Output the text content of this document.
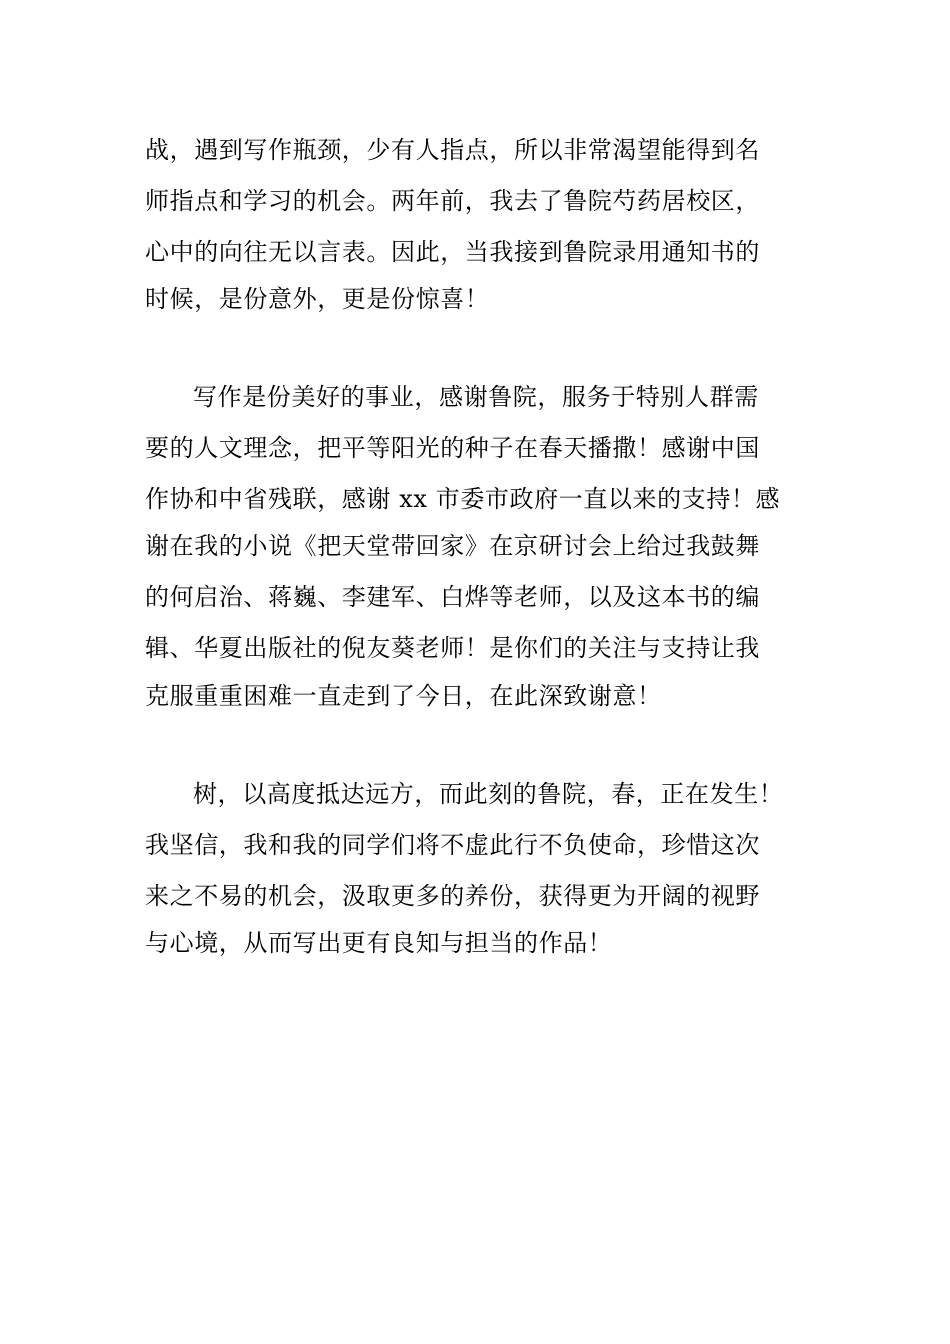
战，遇到写作瓶颈，少有人指点，所以非常渴望能得到名
师指点和学习的机会。两年前，我去了鲁院芍药居校区，
心中的向往无以言表。因此，当我接到鲁院录用通知书的
时候，是份意外，更是份惊喜！
写作是份美好的事业，感谢鲁院，服务于特别人群需
要的人文理念，把平等阳光的种子在春天播撒！感谢中国
作协和中省残联，感谢 xx 市委市政府一直以来的支持！感
谢在我的小说《把天堂带回家》在京研讨会上给过我鼓舞
的何启治、蒋巍、李建军、白烨等老师，以及这本书的编
辑、华夏出版社的倪友葵老师！是你们的关注与支持让我
克服重重困难一直走到了今日，在此深致谢意！
树，以高度抵达远方，而此刻的鲁院，春，正在发生！
我坚信，我和我的同学们将不虚此行不负使命，珍惜这次
来之不易的机会，汲取更多的养份，获得更为开阔的视野
与心境，从而写出更有良知与担当的作品！
